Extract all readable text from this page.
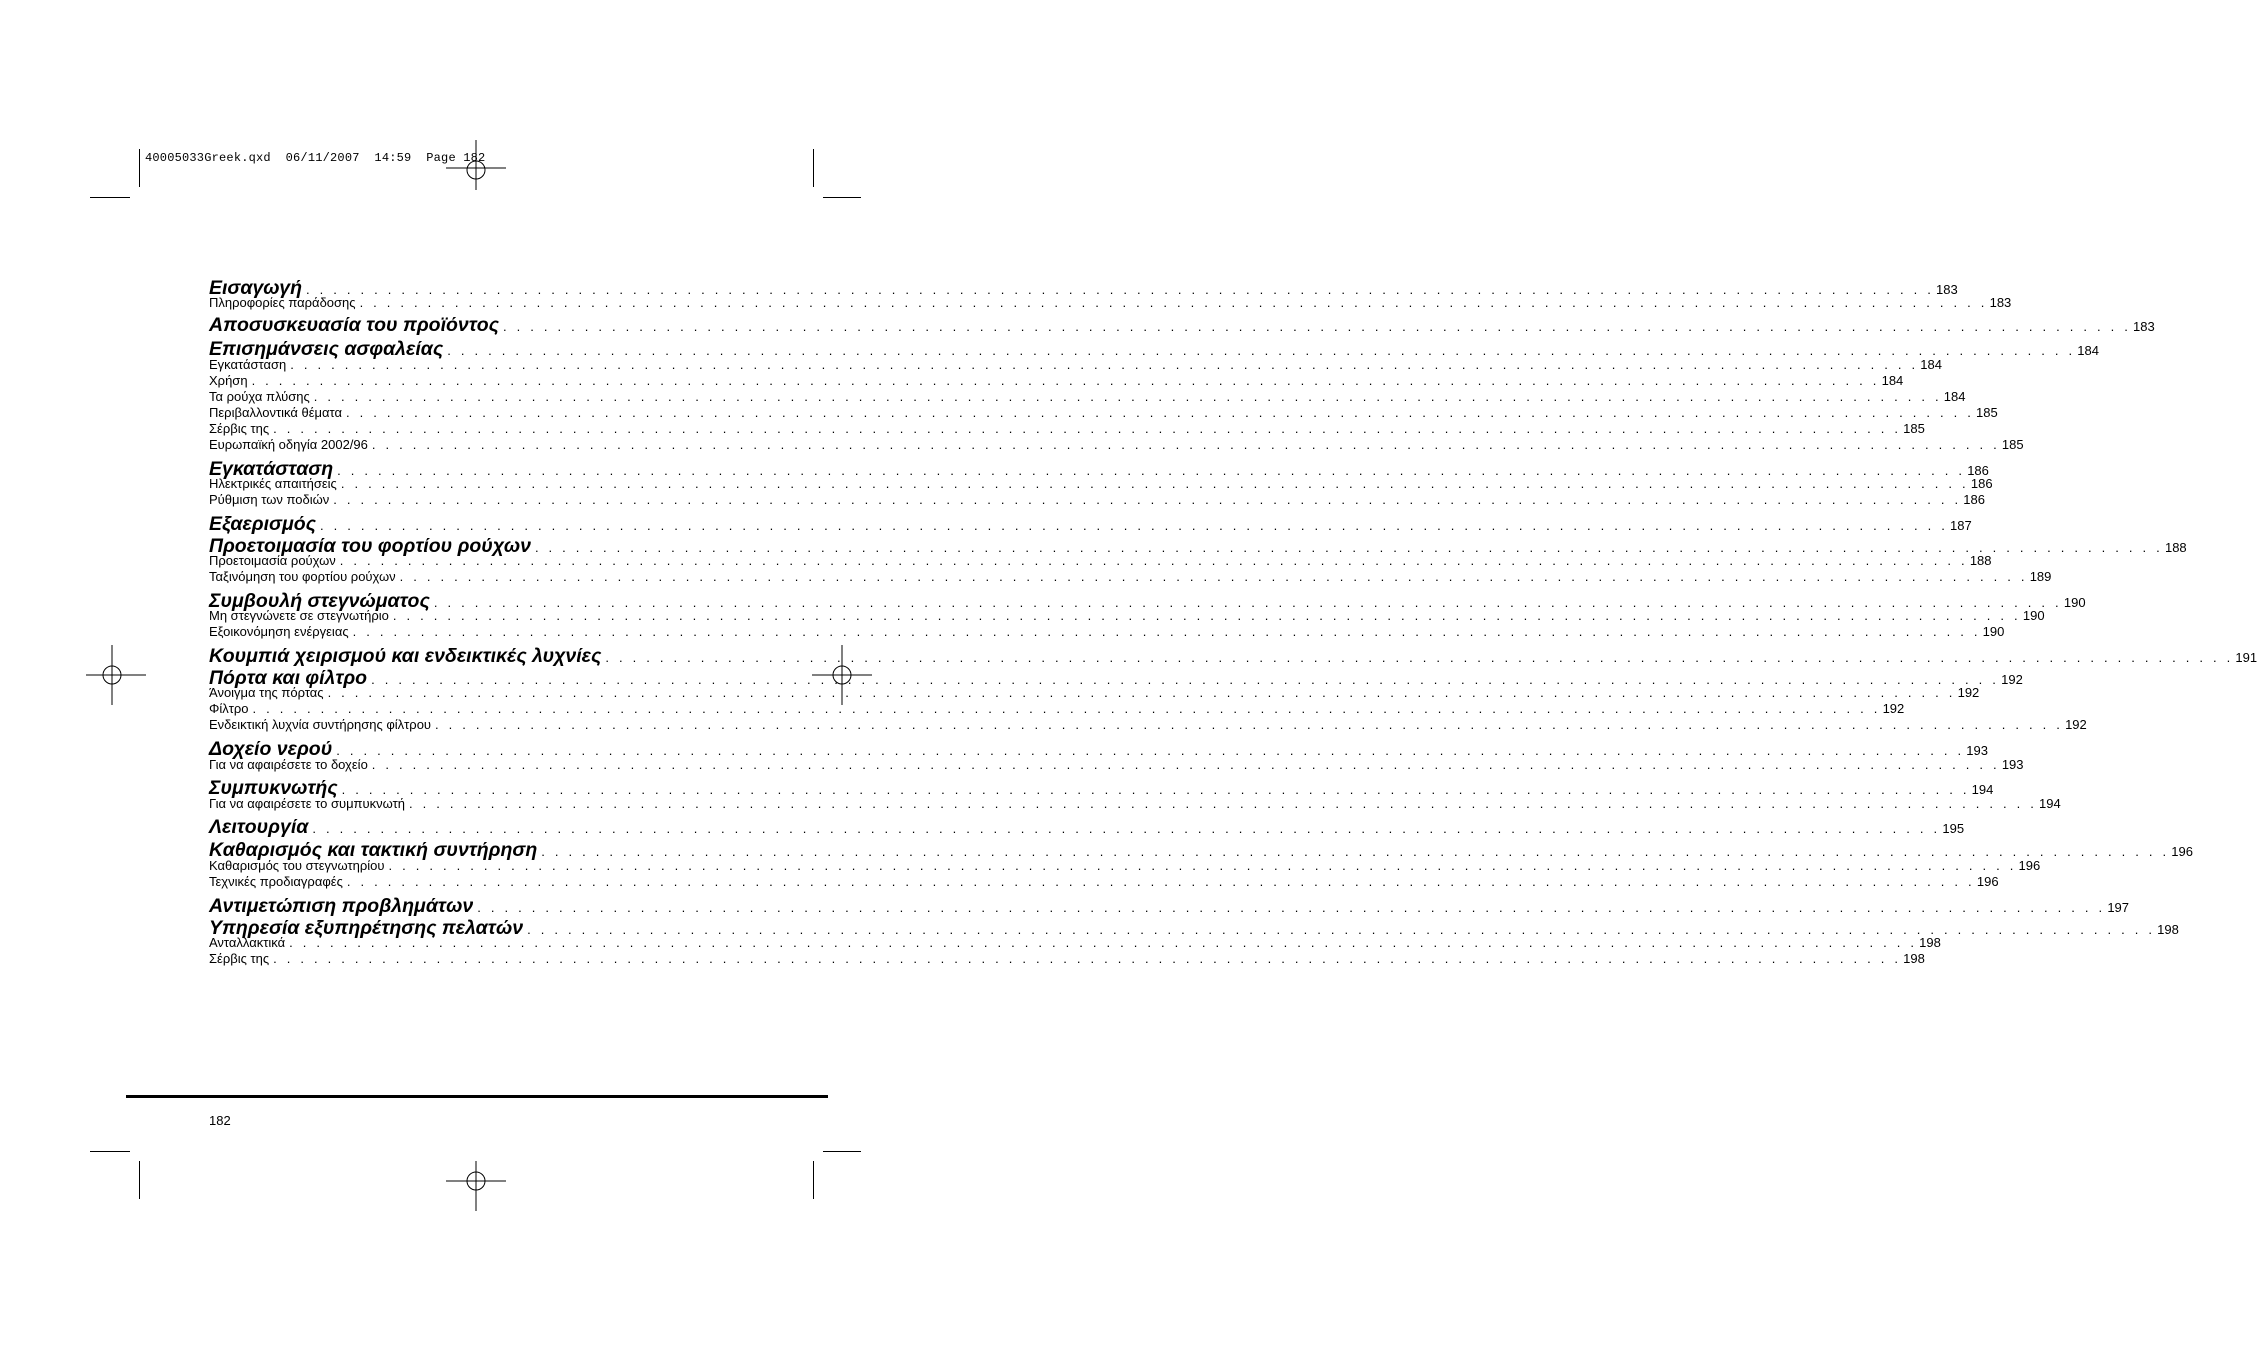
40005033Greek.qxd  06/11/2007  14:59  Page 182
Εισαγωγή . . . . . . . . . . . . . . . . . . . . . . . . . . . . . . . . . . . . . . . . . . . . . . . . . . . . . . . . . . . . . . . . . . . . . . . . . . . . . . . . . . . . . . . . . . . . . . . . . . . . . . . . . . . . . . . . . . . . . . . . 183
Πληροφορίες παράδοσης . . . . . . . . . . . . . . . . . . . . . . . . . . . . . . . . . . . . . . . . . . . . . . . . . . . . . . . . . . . . . . . . . . . . . . . . . . . . . . . . . . . . . . . . . . . . . . . . . . . . . . . . . . . . . . . . . . . . . . . . 183
Αποσυσκευασία του προϊόντος . . . . . . . . . . . . . . . . . . . . . . . . . . . . . . . . . . . . . . . . . . . . . . . . . . . . . . . . . . . . . . . . . . . . . . . . . . . . . . . . . . . . . . . . . . . . . . . . . . . . . . . . . . . . . . . . . . . . . . . . 183
Επισημάνσεις ασφαλείας . . . . . . . . . . . . . . . . . . . . . . . . . . . . . . . . . . . . . . . . . . . . . . . . . . . . . . . . . . . . . . . . . . . . . . . . . . . . . . . . . . . . . . . . . . . . . . . . . . . . . . . . . . . . . . . . . . . . . . . . 184
Εγκατάσταση . . . . . . . . . . . . . . . . . . . . . . . . . . . . . . . . . . . . . . . . . . . . . . . . . . . . . . . . . . . . . . . . . . . . . . . . . . . . . . . . . . . . . . . . . . . . . . . . . . . . . . . . . . . . . . . . . . . . . . . . 184
Χρήση . . . . . . . . . . . . . . . . . . . . . . . . . . . . . . . . . . . . . . . . . . . . . . . . . . . . . . . . . . . . . . . . . . . . . . . . . . . . . . . . . . . . . . . . . . . . . . . . . . . . . . . . . . . . . . . . . . . . . . . . 184
Τα ρούχα πλύσης . . . . . . . . . . . . . . . . . . . . . . . . . . . . . . . . . . . . . . . . . . . . . . . . . . . . . . . . . . . . . . . . . . . . . . . . . . . . . . . . . . . . . . . . . . . . . . . . . . . . . . . . . . . . . . . . . . . . . . . . 184
Περιβαλλοντικά θέματα . . . . . . . . . . . . . . . . . . . . . . . . . . . . . . . . . . . . . . . . . . . . . . . . . . . . . . . . . . . . . . . . . . . . . . . . . . . . . . . . . . . . . . . . . . . . . . . . . . . . . . . . . . . . . . . . . . . . . . . . 185
Σέρβις της . . . . . . . . . . . . . . . . . . . . . . . . . . . . . . . . . . . . . . . . . . . . . . . . . . . . . . . . . . . . . . . . . . . . . . . . . . . . . . . . . . . . . . . . . . . . . . . . . . . . . . . . . . . . . . . . . . . . . . . . 185
Ευρωπαϊκή οδηγία 2002/96 . . . . . . . . . . . . . . . . . . . . . . . . . . . . . . . . . . . . . . . . . . . . . . . . . . . . . . . . . . . . . . . . . . . . . . . . . . . . . . . . . . . . . . . . . . . . . . . . . . . . . . . . . . . . . . . . . . . . . . . . 185
Εγκατάσταση . . . . . . . . . . . . . . . . . . . . . . . . . . . . . . . . . . . . . . . . . . . . . . . . . . . . . . . . . . . . . . . . . . . . . . . . . . . . . . . . . . . . . . . . . . . . . . . . . . . . . . . . . . . . . . . . . . . . . . . . 186
Ηλεκτρικές απαιτήσεις . . . . . . . . . . . . . . . . . . . . . . . . . . . . . . . . . . . . . . . . . . . . . . . . . . . . . . . . . . . . . . . . . . . . . . . . . . . . . . . . . . . . . . . . . . . . . . . . . . . . . . . . . . . . . . . . . . . . . . . . 186
Ρύθμιση των ποδιών . . . . . . . . . . . . . . . . . . . . . . . . . . . . . . . . . . . . . . . . . . . . . . . . . . . . . . . . . . . . . . . . . . . . . . . . . . . . . . . . . . . . . . . . . . . . . . . . . . . . . . . . . . . . . . . . . . . . . . . . 186
Εξαερισμός . . . . . . . . . . . . . . . . . . . . . . . . . . . . . . . . . . . . . . . . . . . . . . . . . . . . . . . . . . . . . . . . . . . . . . . . . . . . . . . . . . . . . . . . . . . . . . . . . . . . . . . . . . . . . . . . . . . . . . . . 187
Προετοιμασία του φορτίου ρούχων . . . . . . . . . . . . . . . . . . . . . . . . . . . . . . . . . . . . . . . . . . . . . . . . . . . . . . . . . . . . . . . . . . . . . . . . . . . . . . . . . . . . . . . . . . . . . . . . . . . . . . . . . . . . . . . . . . . . . . . . 188
Προετοιμασία ρούχων . . . . . . . . . . . . . . . . . . . . . . . . . . . . . . . . . . . . . . . . . . . . . . . . . . . . . . . . . . . . . . . . . . . . . . . . . . . . . . . . . . . . . . . . . . . . . . . . . . . . . . . . . . . . . . . . . . . . . . . . 188
Ταξινόμηση του φορτίου ρούχων . . . . . . . . . . . . . . . . . . . . . . . . . . . . . . . . . . . . . . . . . . . . . . . . . . . . . . . . . . . . . . . . . . . . . . . . . . . . . . . . . . . . . . . . . . . . . . . . . . . . . . . . . . . . . . . . . . . . . . . . 189
Συμβουλή στεγνώματος . . . . . . . . . . . . . . . . . . . . . . . . . . . . . . . . . . . . . . . . . . . . . . . . . . . . . . . . . . . . . . . . . . . . . . . . . . . . . . . . . . . . . . . . . . . . . . . . . . . . . . . . . . . . . . . . . . . . . . . . 190
Μη στεγνώνετε σε στεγνωτήριο . . . . . . . . . . . . . . . . . . . . . . . . . . . . . . . . . . . . . . . . . . . . . . . . . . . . . . . . . . . . . . . . . . . . . . . . . . . . . . . . . . . . . . . . . . . . . . . . . . . . . . . . . . . . . . . . . . . . . . . . 190
Εξοικονόμηση ενέργειας . . . . . . . . . . . . . . . . . . . . . . . . . . . . . . . . . . . . . . . . . . . . . . . . . . . . . . . . . . . . . . . . . . . . . . . . . . . . . . . . . . . . . . . . . . . . . . . . . . . . . . . . . . . . . . . . . . . . . . . . 190
Κουμπιά χειρισμού και ενδεικτικές λυχνίες . . . . . . . . . . . . . . . . . . . . . . . . . . . . . . . . . . . . . . . . . . . . . . . . . . . . . . . . . . . . . . . . . . . . . . . . . . . . . . . . . . . . . . . . . . . . . . . . . . . . . . . . . . . . . . . . . . . . . . . . 191
Πόρτα και φίλτρο . . . . . . . . . . . . . . . . . . . . . . . . . . . . . . . . . . . . . . . . . . . . . . . . . . . . . . . . . . . . . . . . . . . . . . . . . . . . . . . . . . . . . . . . . . . . . . . . . . . . . . . . . . . . . . . . . . . . . . . . 192
Άνοιγμα της πόρτας . . . . . . . . . . . . . . . . . . . . . . . . . . . . . . . . . . . . . . . . . . . . . . . . . . . . . . . . . . . . . . . . . . . . . . . . . . . . . . . . . . . . . . . . . . . . . . . . . . . . . . . . . . . . . . . . . . . . . . . . 192
Φίλτρο . . . . . . . . . . . . . . . . . . . . . . . . . . . . . . . . . . . . . . . . . . . . . . . . . . . . . . . . . . . . . . . . . . . . . . . . . . . . . . . . . . . . . . . . . . . . . . . . . . . . . . . . . . . . . . . . . . . . . . . . 192
Ενδεικτική λυχνία συντήρησης φίλτρου . . . . . . . . . . . . . . . . . . . . . . . . . . . . . . . . . . . . . . . . . . . . . . . . . . . . . . . . . . . . . . . . . . . . . . . . . . . . . . . . . . . . . . . . . . . . . . . . . . . . . . . . . . . . . . . . . . . . . . . . 192
Δοχείο νερού . . . . . . . . . . . . . . . . . . . . . . . . . . . . . . . . . . . . . . . . . . . . . . . . . . . . . . . . . . . . . . . . . . . . . . . . . . . . . . . . . . . . . . . . . . . . . . . . . . . . . . . . . . . . . . . . . . . . . . . . 193
Για να αφαιρέσετε το δοχείο . . . . . . . . . . . . . . . . . . . . . . . . . . . . . . . . . . . . . . . . . . . . . . . . . . . . . . . . . . . . . . . . . . . . . . . . . . . . . . . . . . . . . . . . . . . . . . . . . . . . . . . . . . . . . . . . . . . . . . . . 193
Συμπυκνωτής . . . . . . . . . . . . . . . . . . . . . . . . . . . . . . . . . . . . . . . . . . . . . . . . . . . . . . . . . . . . . . . . . . . . . . . . . . . . . . . . . . . . . . . . . . . . . . . . . . . . . . . . . . . . . . . . . . . . . . . . 194
Για να αφαιρέσετε το συμπυκνωτή . . . . . . . . . . . . . . . . . . . . . . . . . . . . . . . . . . . . . . . . . . . . . . . . . . . . . . . . . . . . . . . . . . . . . . . . . . . . . . . . . . . . . . . . . . . . . . . . . . . . . . . . . . . . . . . . . . . . . . . . 194
Λειτουργία . . . . . . . . . . . . . . . . . . . . . . . . . . . . . . . . . . . . . . . . . . . . . . . . . . . . . . . . . . . . . . . . . . . . . . . . . . . . . . . . . . . . . . . . . . . . . . . . . . . . . . . . . . . . . . . . . . . . . . . . 195
Καθαρισμός και τακτική συντήρηση . . . . . . . . . . . . . . . . . . . . . . . . . . . . . . . . . . . . . . . . . . . . . . . . . . . . . . . . . . . . . . . . . . . . . . . . . . . . . . . . . . . . . . . . . . . . . . . . . . . . . . . . . . . . . . . . . . . . . . . . 196
Καθαρισμός του στεγνωτηρίου . . . . . . . . . . . . . . . . . . . . . . . . . . . . . . . . . . . . . . . . . . . . . . . . . . . . . . . . . . . . . . . . . . . . . . . . . . . . . . . . . . . . . . . . . . . . . . . . . . . . . . . . . . . . . . . . . . . . . . . . 196
Τεχνικές προδιαγραφές . . . . . . . . . . . . . . . . . . . . . . . . . . . . . . . . . . . . . . . . . . . . . . . . . . . . . . . . . . . . . . . . . . . . . . . . . . . . . . . . . . . . . . . . . . . . . . . . . . . . . . . . . . . . . . . . . . . . . . . . 196
Αντιμετώπιση προβλημάτων . . . . . . . . . . . . . . . . . . . . . . . . . . . . . . . . . . . . . . . . . . . . . . . . . . . . . . . . . . . . . . . . . . . . . . . . . . . . . . . . . . . . . . . . . . . . . . . . . . . . . . . . . . . . . . . . . . . . . . . . 197
Υπηρεσία εξυπηρέτησης πελατών . . . . . . . . . . . . . . . . . . . . . . . . . . . . . . . . . . . . . . . . . . . . . . . . . . . . . . . . . . . . . . . . . . . . . . . . . . . . . . . . . . . . . . . . . . . . . . . . . . . . . . . . . . . . . . . . . . . . . . . . 198
Ανταλλακτικά . . . . . . . . . . . . . . . . . . . . . . . . . . . . . . . . . . . . . . . . . . . . . . . . . . . . . . . . . . . . . . . . . . . . . . . . . . . . . . . . . . . . . . . . . . . . . . . . . . . . . . . . . . . . . . . . . . . . . . . . 198
Σέρβις της . . . . . . . . . . . . . . . . . . . . . . . . . . . . . . . . . . . . . . . . . . . . . . . . . . . . . . . . . . . . . . . . . . . . . . . . . . . . . . . . . . . . . . . . . . . . . . . . . . . . . . . . . . . . . . . . . . . . . . . . 198
182
